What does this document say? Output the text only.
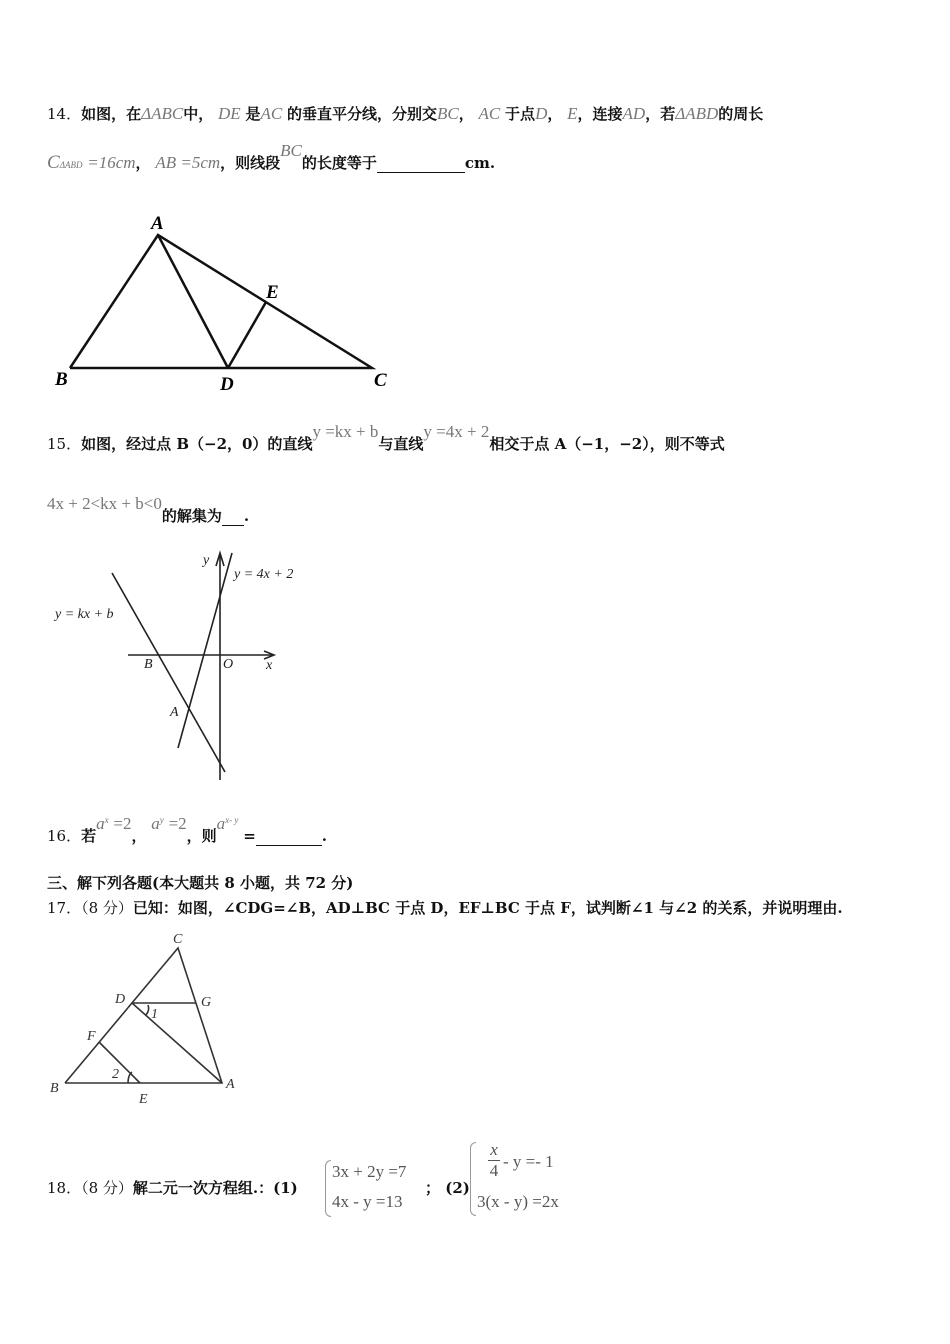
14．如图，在ΔABC中， DE 是AC 的垂直平分线，分别交BC， AC 于点D， E，连接AD，若ΔABD的周长
CΔABD =16cm， AB =5cm，则线段BC的长度等于	cm.
A
E
B	D	C
y
x
O
B
A
y = kx + b
y = 4x + 2
C
D	G
1
F
2
B
E
A
15．如图，经过点 B（−2，0）的直线y =kx + b与直线y =4x + 2相交于点 A（−1，−2），则不等式
4x + 2<kx + b<0的解集为 .
16．若$a^x =2$， $a^y =2$，则$a^{x- y}$ =	.
三、解下列各题(本大题共 8 小题，共 72 分)
17．（8 分）已知：如图，∠CDG=∠B，AD⊥BC 于点 D，EF⊥BC 于点 F，试判断∠1 与∠2 的关系，并说明理由.
18．（8 分）解二元一次方程组.：(1)
3x + 2y =7
4x - y =13
； (2)
x
4 - y =- 1
3(x - y) =2x
